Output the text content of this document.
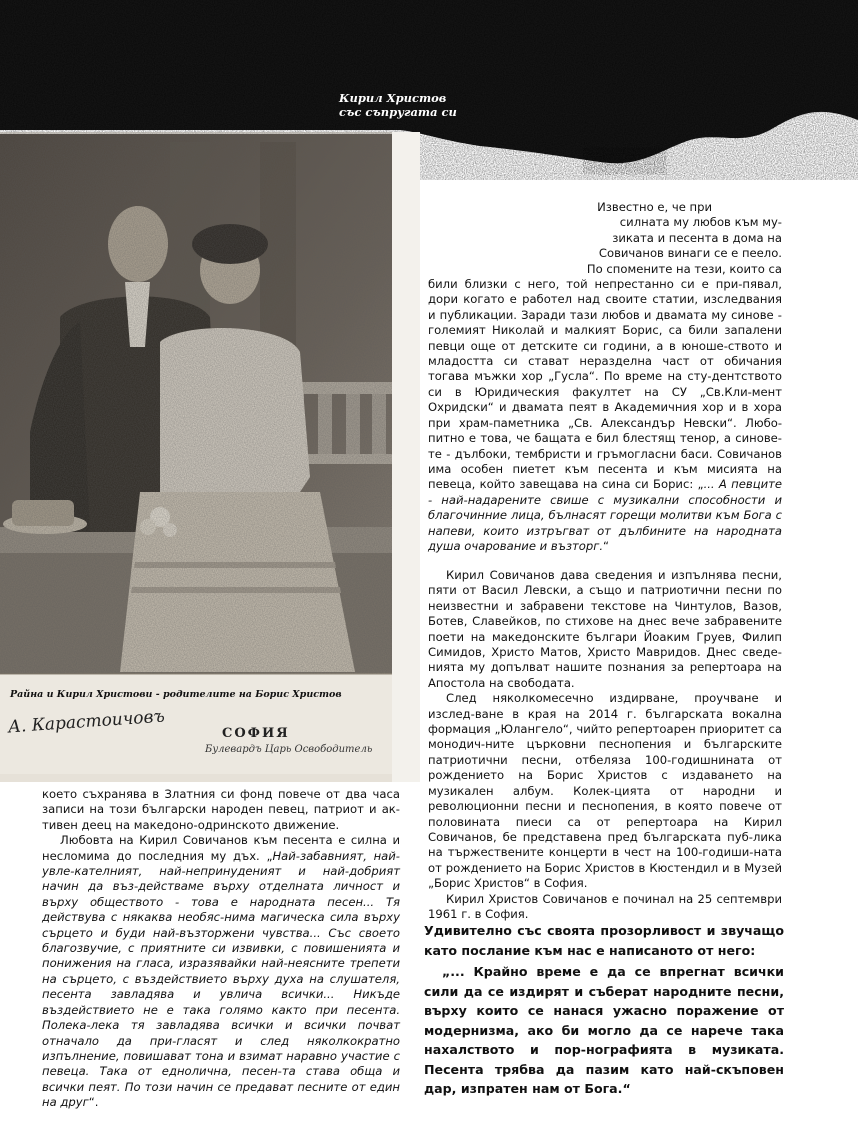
Кирил Христов
със съпругата си
Райна и Кирил Христови - родителите на Борис Христов
А. Карастоичовъ	СОФИЯ
Булевардъ Царь Освободитель
Известно е, че при
силната му любов към му-
зиката и песента в дома на
Совичанов винаги се е пеело.
По спомените на тези, които са

били близки с него, той непрестанно си е при-пявал, дори когато е работел над своите статии, изследвания и публикации. Заради тази любов и двамата му синове - големият Николай и малкият Борис, са били запалени певци още от детските си години, а в юноше-ството и младостта си стават неразделна част от обичания тогава мъжки хор „Гусла“. По време на сту-дентството си в Юридическия факултет на СУ „Св.Кли-мент Охридски“ и двамата пеят в Академичния хор и в хора при храм-паметника „Св. Александър Невски“. Любо-питно е това, че бащата е бил блестящ тенор, а синове-те - дълбоки, тембристи и гръмогласни баси. Совичанов има особен пиетет към песента и към мисията на певеца, който завещава на сина си Борис: „... А певците - най-надарените свише с музикални способности и благочинние лица, бълнасят горещи молитви към Бога с напеви, които изтръгват от дълбините на народната душа очарование и възторг.“

Кирил Совичанов дава сведения и изпълнява песни, пяти от Васил Левски, а също и патриотични песни по неизвестни и забравени текстове на Чинтулов, Вазов, Ботев, Славейков, по стихове на днес вече забравените поети на македонските българи Йоаким Груев, Филип Симидов, Христо Матов, Христо Мавридов. Днес сведе-нията му допълват нашите познания за репертоара на Апостола на свободата.

След няколкомесечно издирване, проучване и изслед-ване в края на 2014 г. българската вокална формация „Юлангело“, чийто репертоарен приоритет са монодич-ните църковни песнопения и българските патриотични песни, отбеляза 100-годишнината от рождението на Борис Христов с издаването на музикален албум. Колек-цията от народни и революционни песни и песнопения, в която повече от половината пиеси са от репертоара на Кирил Совичанов, бе представена пред българската пуб-лика на тържествените концерти в чест на 100-годиши-ната от рождението на Борис Христов в Кюстендил и в Музей „Борис Христов“ в София.

Кирил Христов Совичанов е починал на 25 септември 1961 г. в София.

което съхранява в Златния си фонд повече от два часа записи на този български народен певец, патриот и ак-тивен деец на македоно-одринското движение.

Любовта на Кирил Совичанов към песента е силна и несломима до последния му дъх. „Най-забавният, най-увле-кателният, най-непринуденият и най-добрият начин да въз-действаме върху отделната личност и върху обществото - това е народната песен... Тя действува с някаква необяс-нима магическа сила върху сърцето и буди най-възторжени чувства... Със своето благозвучие, с приятните си извивки, с повишенията и понижения на гласа, изразявайки най-неясните трепети на сърцето, с въздействието върху духа на слушателя, песента завладява и увлича всички... Никъде въздействието не е така голямо както при песента. Полека-лека тя завладява всички и всички почват отначало да при-гласят и след няколкократно изпълнение, повишават тона и взимат наравно участие с певеца. Така от едноличнa, песен-та става обща и всички пеят. По този начин се предават песните от един на друг“.

Удивително със своята прозорливост и звучащо като послание към нас е написаното от него:

„... Крайно време е да се впрегнат всички сили да се издирят и съберат народните песни, върху които се нанася ужасно поражение от модернизма, ако би могло да се нарече така нахалството и пор-нографията в музиката. Песента трябва да пазим като най-скъповен дар, изпратен нам от Бога.“
